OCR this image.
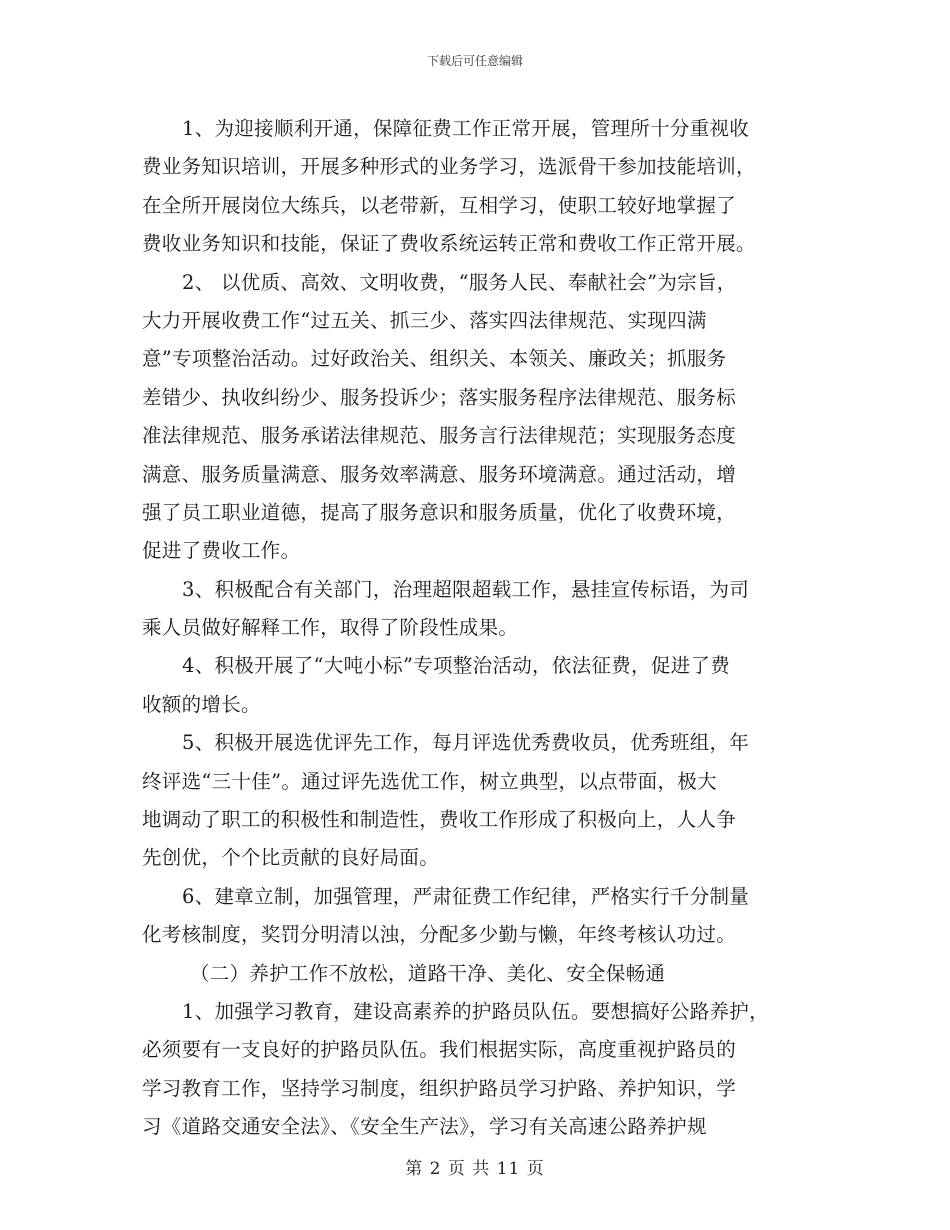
下载后可任意编辑
1、为迎接顺利开通，保障征费工作正常开展，管理所十分重视收
费业务知识培训，开展多种形式的业务学习，选派骨干参加技能培训，
在全所开展岗位大练兵，以老带新，互相学习，使职工较好地掌握了
费收业务知识和技能，保证了费收系统运转正常和费收工作正常开展。
2、 以优质、高效、文明收费，“服务人民、奉献社会”为宗旨，
大力开展收费工作“过五关、抓三少、落实四法律规范、实现四满
意”专项整治活动。过好政治关、组织关、本领关、廉政关；抓服务
差错少、执收纠纷少、服务投诉少；落实服务程序法律规范、服务标
准法律规范、服务承诺法律规范、服务言行法律规范；实现服务态度
满意、服务质量满意、服务效率满意、服务环境满意。通过活动，增
强了员工职业道德，提高了服务意识和服务质量，优化了收费环境，
促进了费收工作。
3、积极配合有关部门，治理超限超载工作，悬挂宣传标语，为司
乘人员做好解释工作，取得了阶段性成果。
4、积极开展了“大吨小标”专项整治活动，依法征费，促进了费
收额的增长。
5、积极开展选优评先工作，每月评选优秀费收员，优秀班组，年
终评选“三十佳”。通过评先选优工作，树立典型，以点带面，极大
地调动了职工的积极性和制造性，费收工作形成了积极向上，人人争
先创优，个个比贡献的良好局面。
6、建章立制，加强管理，严肃征费工作纪律，严格实行千分制量
化考核制度，奖罚分明清以浊，分配多少勤与懒，年终考核认功过。
（二）养护工作不放松，道路干净、美化、安全保畅通
1、加强学习教育，建设高素养的护路员队伍。要想搞好公路养护，
必须要有一支良好的护路员队伍。我们根据实际，高度重视护路员的
学习教育工作，坚持学习制度，组织护路员学习护路、养护知识，学
习《道路交通安全法》、《安全生产法》，学习有关高速公路养护规
第 2 页 共 11 页
